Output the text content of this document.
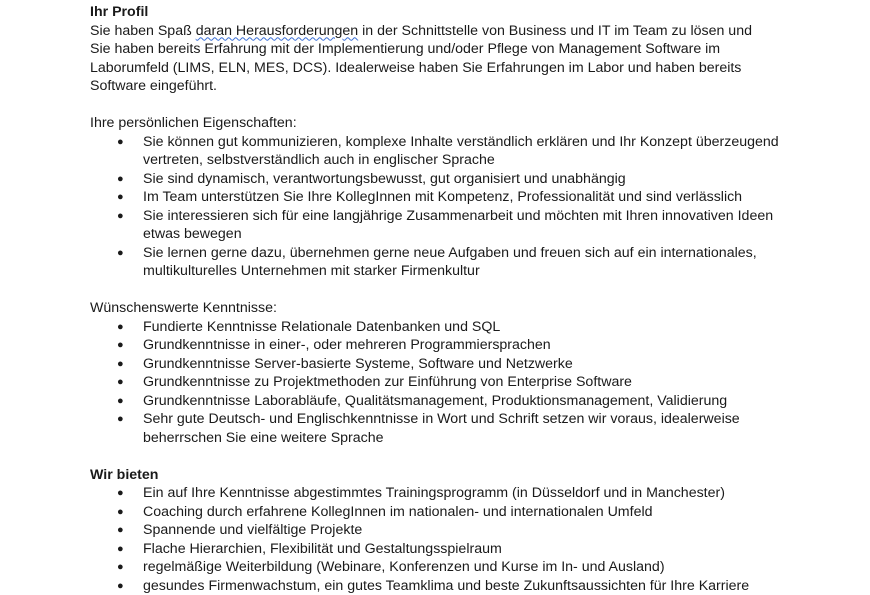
Ihr Profil

Sie haben Spaß daran Herausforderungen in der Schnittstelle von Business und IT im Team zu lösen und

Sie haben bereits Erfahrung mit der Implementierung und/oder Pflege von Management Software im

Laborumfeld (LIMS, ELN, MES, DCS). Idealerweise haben Sie Erfahrungen im Labor und haben bereits

Software eingeführt.

Ihre persönlichen Eigenschaften:

● Sie können gut kommunizieren, komplexe Inhalte verständlich erklären und Ihr Konzept überzeugend vertreten, selbstverständlich auch in englischer Sprache
● Sie sind dynamisch, verantwortungsbewusst, gut organisiert und unabhängig
● Im Team unterstützen Sie Ihre KollegInnen mit Kompetenz, Professionalität und sind verlässlich
● Sie interessieren sich für eine langjährige Zusammenarbeit und möchten mit Ihren innovativen Ideen etwas bewegen
● Sie lernen gerne dazu, übernehmen gerne neue Aufgaben und freuen sich auf ein internationales, multikulturelles Unternehmen mit starker Firmenkultur

Wünschenswerte Kenntnisse:

● Fundierte Kenntnisse Relationale Datenbanken und SQL
● Grundkenntnisse in einer-, oder mehreren Programmiersprachen
● Grundkenntnisse Server-basierte Systeme, Software und Netzwerke
● Grundkenntnisse zu Projektmethoden zur Einführung von Enterprise Software
● Grundkenntnisse Laborabläufe, Qualitätsmanagement, Produktionsmanagement, Validierung
● Sehr gute Deutsch- und Englischkenntnisse in Wort und Schrift setzen wir voraus, idealerweise beherrschen Sie eine weitere Sprache

Wir bieten

● Ein auf Ihre Kenntnisse abgestimmtes Trainingsprogramm (in Düsseldorf und in Manchester)
● Coaching durch erfahrene KollegInnen im nationalen- und internationalen Umfeld
● Spannende und vielfältige Projekte
● Flache Hierarchien, Flexibilität und Gestaltungsspielraum
● regelmäßige Weiterbildung (Webinare, Konferenzen und Kurse im In- und Ausland)
● gesundes Firmenwachstum, ein gutes Teamklima und beste Zukunftsaussichten für Ihre Karriere
